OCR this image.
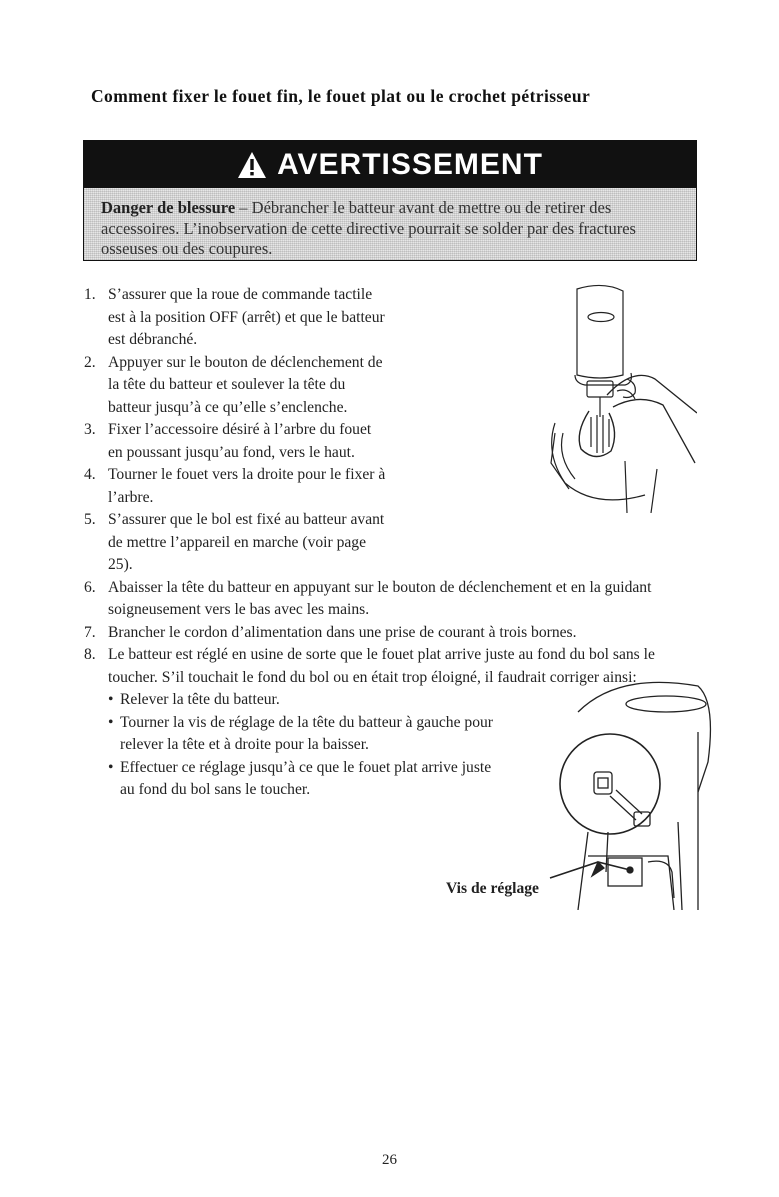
Comment fixer le fouet fin, le fouet plat ou le crochet pétrisseur
AVERTISSEMENT
Danger de blessure – Débrancher le batteur avant de mettre ou de retirer des accessoires. L’inobservation de cette directive pourrait se solder par des fractures osseuses ou des coupures.
1. S’assurer que la roue de commande tactile est à la position OFF (arrêt) et que le batteur est débranché.
2. Appuyer sur le bouton de déclenchement de la tête du batteur et soulever la tête du batteur jusqu’à ce qu’elle s’enclenche.
3. Fixer l’accessoire désiré à l’arbre du fouet en poussant jusqu’au fond, vers le haut.
4. Tourner le fouet vers la droite pour le fixer à l’arbre.
5. S’assurer que le bol est fixé au batteur avant de mettre l’appareil en marche (voir page 25).
6. Abaisser la tête du batteur en appuyant sur le bouton de déclenchement et en la guidant soigneusement vers le bas avec les mains.
7. Brancher le cordon d’alimentation dans une prise de courant à trois bornes.
8. Le batteur est réglé en usine de sorte que le fouet plat arrive juste au fond du bol sans le toucher. S’il touchait le fond du bol ou en était trop éloigné, il faudrait corriger ainsi:
• Relever la tête du batteur.
• Tourner la vis de réglage de la tête du batteur à gauche pour relever la tête et à droite pour la baisser.
• Effectuer ce réglage jusqu’à ce que le fouet plat arrive juste au fond du bol sans le toucher.
Vis de réglage
26
